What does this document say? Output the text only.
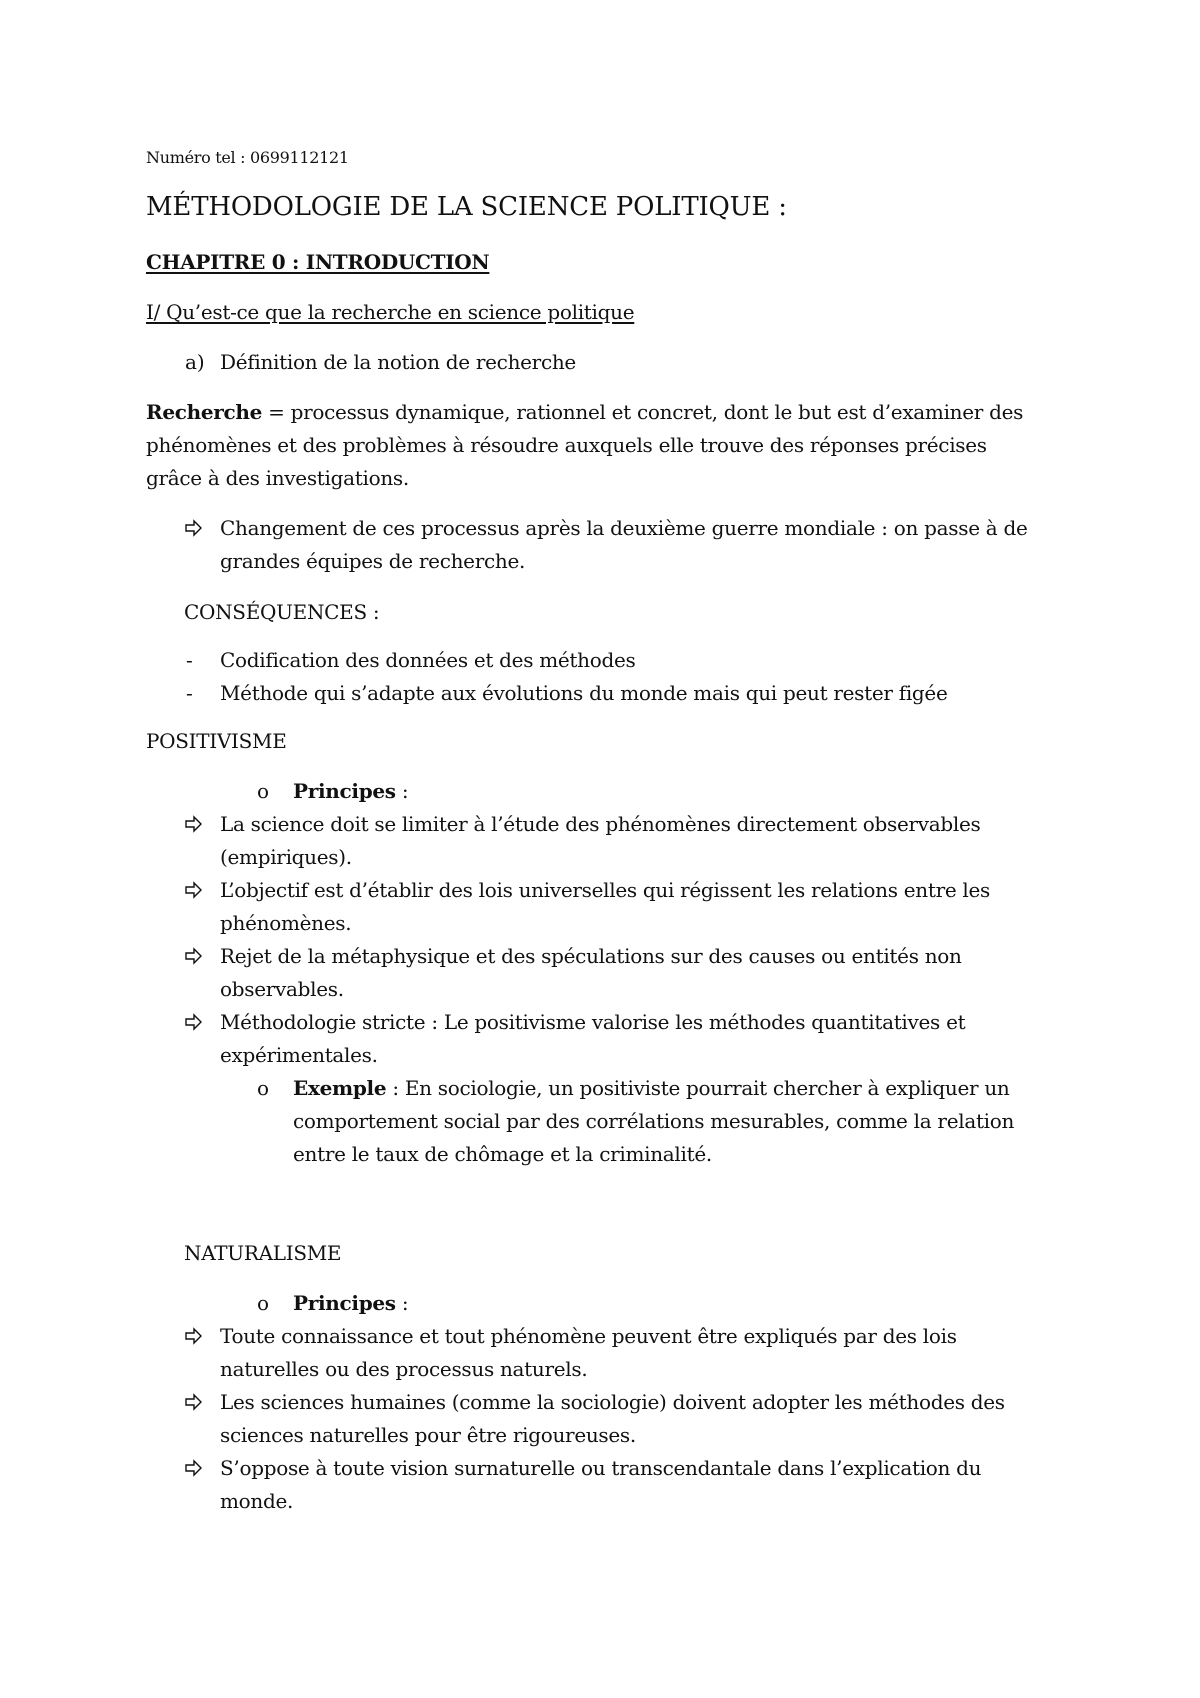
Numéro tel : 0699112121
MÉTHODOLOGIE DE LA SCIENCE POLITIQUE :
CHAPITRE 0 : INTRODUCTION
I/ Qu’est-ce que la recherche en science politique
a) Définition de la notion de recherche
Recherche = processus dynamique, rationnel et concret, dont le but est d’examiner des
phénomènes et des problèmes à résoudre auxquels elle trouve des réponses précises
grâce à des investigations.
Changement de ces processus après la deuxième guerre mondiale : on passe à de
grandes équipes de recherche.
CONSÉQUENCES :
- Codification des données et des méthodes
- Méthode qui s’adapte aux évolutions du monde mais qui peut rester figée
POSITIVISME
o Principes :
La science doit se limiter à l’étude des phénomènes directement observables
(empiriques).
L’objectif est d’établir des lois universelles qui régissent les relations entre les
phénomènes.
Rejet de la métaphysique et des spéculations sur des causes ou entités non
observables.
Méthodologie stricte : Le positivisme valorise les méthodes quantitatives et
expérimentales.
o Exemple : En sociologie, un positiviste pourrait chercher à expliquer un
comportement social par des corrélations mesurables, comme la relation
entre le taux de chômage et la criminalité.
NATURALISME
o Principes :
Toute connaissance et tout phénomène peuvent être expliqués par des lois
naturelles ou des processus naturels.
Les sciences humaines (comme la sociologie) doivent adopter les méthodes des
sciences naturelles pour être rigoureuses.
S’oppose à toute vision surnaturelle ou transcendantale dans l’explication du
monde.
